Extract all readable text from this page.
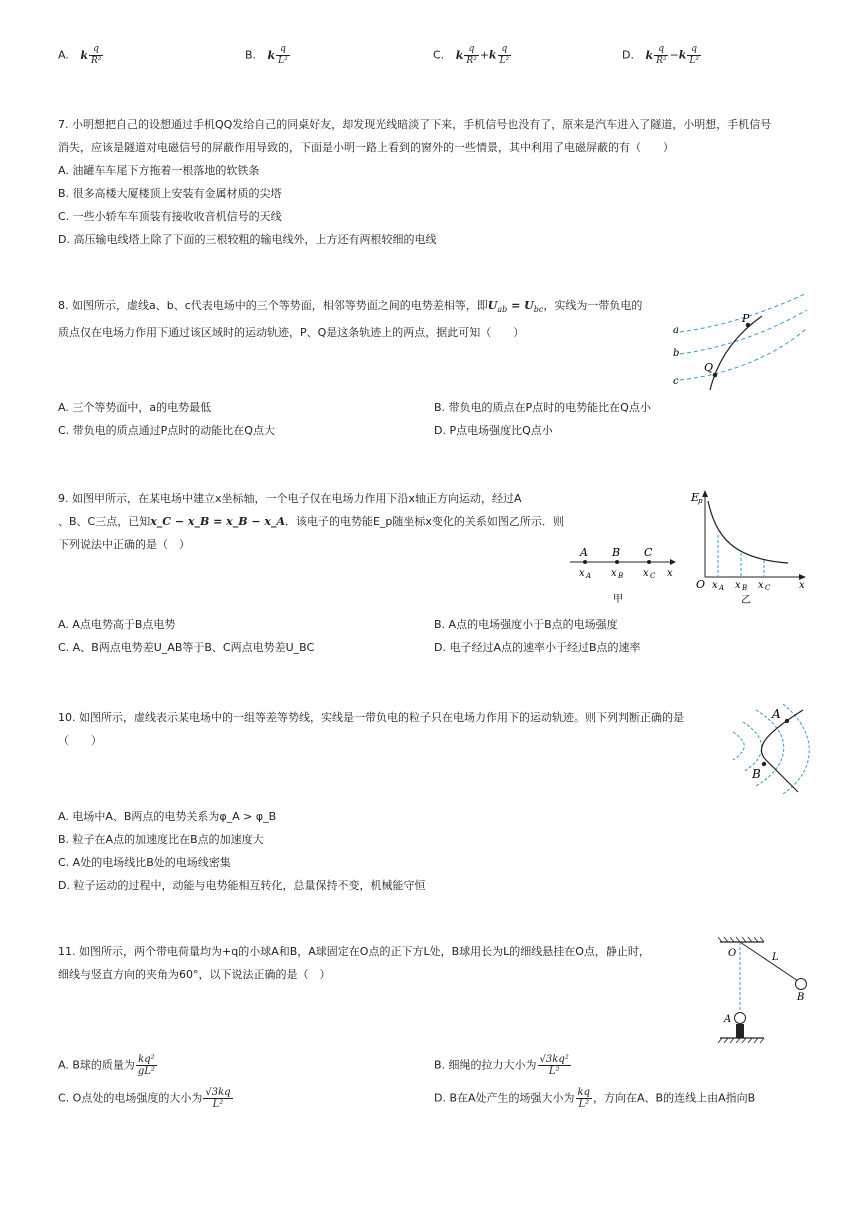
A. k $\frac{q}{\text{R²}}$	B. k $\frac{q}{\text{L²}}$	C. k $\frac{q}{\text{R²}} +k \frac{q}{\text{L²}}$	D. k $\frac{q}{\text{R²}} -k \frac{q}{\text{L²}}$
7. 小明想把自己的设想通过手机QQ发给自己的同桌好友，却发现光线暗淡了下来，手机信号也没有了，原来是汽车进入了隧道，小明想，手机信号
消失，应该是隧道对电磁信号的屏蔽作用导致的，下面是小明一路上看到的窗外的一些情景，其中利用了电磁屏蔽的有（　　）
A. 油罐车车尾下方拖着一根落地的软铁条
B. 很多高楼大厦楼顶上安装有金属材质的尖塔
C. 一些小轿车车顶装有接收收音机信号的天线
D. 高压输电线塔上除了下面的三根较粗的输电线外，上方还有两根较细的电线
8. 如图所示，虚线a、b、c代表电场中的三个等势面，相邻等势面之间的电势差相等，即$U_{ab} = U_{bc}$，实线为一带负电的
质点仅在电场力作用下通过该区域时的运动轨迹，P、Q是这条轨迹上的两点，据此可知（　　）
A. 三个等势面中，a的电势最低	B. 带负电的质点在P点时的电势能比在Q点小
C. 带负电的质点通过P点时的动能比在Q点大	D. P点电场强度比Q点小
a
b
c
P
Q
9. 如图甲所示，在某电场中建立x坐标轴，一个电子仅在电场力作用下沿x轴正方向运动，经过A
、B、C三点，已知x_C − x_B = x_B − x_A．该电子的电势能E_p随坐标x变化的关系如图乙所示．则
下列说法中正确的是（　）
A. A点电势高于B点电势	B. A点的电场强度小于B点的电场强度
C. A、B两点电势差U_AB等于B、C两点电势差U_BC	D. 电子经过A点的速率小于经过B点的速率
A B C
x A x B x C x
甲
E
p
O x A x B x C	x
乙
10. 如图所示，虚线表示某电场中的一组等差等势线，实线是一带负电的粒子只在电场力作用下的运动轨迹。则下列判断正确的是
（　　）
A. 电场中A、B两点的电势关系为φ_A > φ_B
B. 粒子在A点的加速度比在B点的加速度大
C. A处的电场线比B处的电场线密集
D. 粒子运动的过程中，动能与电势能相互转化，总量保持不变，机械能守恒
A
B
11. 如图所示，两个带电荷量均为+q的小球A和B，A球固定在O点的正下方L处，B球用长为L的细线悬挂在O点，静止时，
细线与竖直方向的夹角为60°，以下说法正确的是（　）
A. B球的质量为 $\frac{\text{kq²}}{\text{gL²}}$	B. 细绳的拉力大小为 $\frac{\text{√3kq²}}{\text{L²}}$
C. O点处的电场强度的大小为 $\frac{√3kq}{\text{L²}}$	D. B在A处产生的场强大小为 $\frac{kq}{\text{L²}}$ ，方向在A、B的连线上由A指向B
O	L
B
A
